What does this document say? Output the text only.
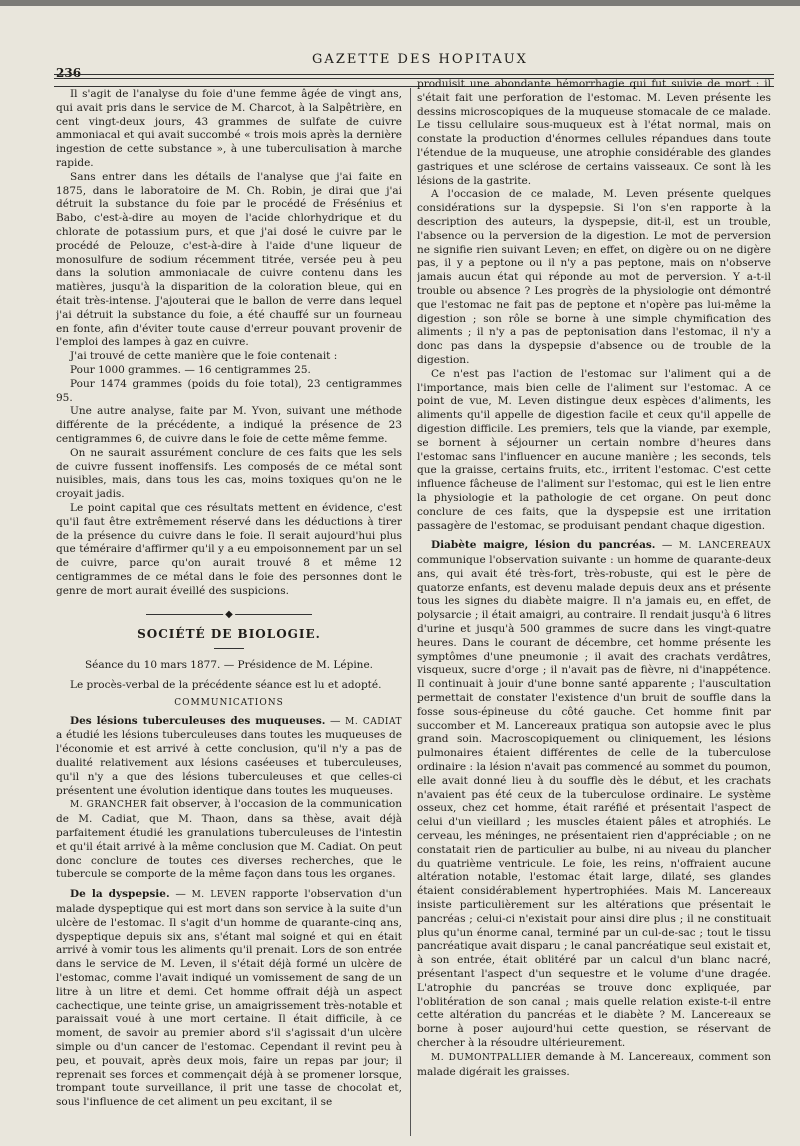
236
GAZETTE DES HOPITAUX

Il s'agit de l'analyse du foie d'une femme âgée de vingt ans, qui avait pris dans le service de M. Charcot, à la Salpêtrière, en cent vingt-deux jours, 43 grammes de sulfate de cuivre ammoniacal et qui avait succombé « trois mois après la dernière ingestion de cette substance », à une tuberculisation à marche rapide.

Sans entrer dans les détails de l'analyse que j'ai faite en 1875, dans le laboratoire de M. Ch. Robin, je dirai que j'ai détruit la substance du foie par le procédé de Frésénius et Babo, c'est-à-dire au moyen de l'acide chlorhydrique et du chlorate de potassium purs, et que j'ai dosé le cuivre par le procédé de Pelouze, c'est-à-dire à l'aide d'une liqueur de monosulfure de sodium récemment titrée, versée peu à peu dans la solution ammoniacale de cuivre contenu dans les matières, jusqu'à la disparition de la coloration bleue, qui en était très-intense. J'ajouterai que le ballon de verre dans lequel j'ai détruit la substance du foie, a été chauffé sur un fourneau en fonte, afin d'éviter toute cause d'erreur pouvant provenir de l'emploi des lampes à gaz en cuivre.

J'ai trouvé de cette manière que le foie contenait :

Pour 1000 grammes. — 16 centigrammes 25.

Pour 1474 grammes (poids du foie total), 23 centigrammes 95.

Une autre analyse, faite par M. Yvon, suivant une méthode différente de la précédente, a indiqué la présence de 23 centigrammes 6, de cuivre dans le foie de cette même femme.

On ne saurait assurément conclure de ces faits que les sels de cuivre fussent inoffensifs. Les composés de ce métal sont nuisibles, mais, dans tous les cas, moins toxiques qu'on ne le croyait jadis.

Le point capital que ces résultats mettent en évidence, c'est qu'il faut être extrêmement réservé dans les déductions à tirer de la présence du cuivre dans le foie. Il serait aujourd'hui plus que téméraire d'affirmer qu'il y a eu empoisonnement par un sel de cuivre, parce qu'on aurait trouvé 8 et même 12 centigrammes de ce métal dans le foie des personnes dont le genre de mort aurait éveillé des suspicions.

◆
SOCIÉTÉ DE BIOLOGIE.

Séance du 10 mars 1877. — Présidence de M. Lépine.

Le procès-verbal de la précédente séance est lu et adopté.

COMMUNICATIONS

Des lésions tuberculeuses des muqueuses. — M. CADIAT a étudié les lésions tuberculeuses dans toutes les muqueuses de l'économie et est arrivé à cette conclusion, qu'il n'y a pas de dualité relativement aux lésions caséeuses et tuberculeuses, qu'il n'y a que des lésions tuberculeuses et que celles-ci présentent une évolution identique dans toutes les muqueuses.

M. GRANCHER fait observer, à l'occasion de la communication de M. Cadiat, que M. Thaon, dans sa thèse, avait déjà parfaitement étudié les granulations tuberculeuses de l'intestin et qu'il était arrivé à la même conclusion que M. Cadiat. On peut donc conclure de toutes ces diverses recherches, que le tubercule se comporte de la même façon dans tous les organes.

De la dyspepsie. — M. LEVEN rapporte l'observation d'un malade dyspeptique qui est mort dans son service à la suite d'un ulcère de l'estomac. Il s'agit d'un homme de quarante-cinq ans, dyspeptique depuis six ans, s'étant mal soigné et qui en était arrivé à vomir tous les aliments qu'il prenait. Lors de son entrée dans le service de M. Leven, il s'était déjà formé un ulcère de l'estomac, comme l'avait indiqué un vomissement de sang de un litre à un litre et demi. Cet homme offrait déjà un aspect cachectique, une teinte grise, un amaigrissement très-notable et paraissait voué à une mort certaine. Il était difficile, à ce moment, de savoir au premier abord s'il s'agissait d'un ulcère simple ou d'un cancer de l'estomac. Cependant il revint peu à peu, et pouvait, après deux mois, faire un repas par jour; il reprenait ses forces et commençait déjà à se promener lorsque, trompant toute surveillance, il prit une tasse de chocolat et, sous l'influence de cet aliment un peu excitant, il se

produisit une abondante hémorrhagie qui fut suivie de mort : il s'était fait une perforation de l'estomac. M. Leven présente les dessins microscopiques de la muqueuse stomacale de ce malade. Le tissu cellulaire sous-muqueux est à l'état normal, mais on constate la production d'énormes cellules répandues dans toute l'étendue de la muqueuse, une atrophie considérable des glandes gastriques et une sclérose de certains vaisseaux. Ce sont là les lésions de la gastrite.

A l'occasion de ce malade, M. Leven présente quelques considérations sur la dyspepsie. Si l'on s'en rapporte à la description des auteurs, la dyspepsie, dit-il, est un trouble, l'absence ou la perversion de la digestion. Le mot de perversion ne signifie rien suivant Leven; en effet, on digère ou on ne digère pas, il y a peptone ou il n'y a pas peptone, mais on n'observe jamais aucun état qui réponde au mot de perversion. Y a-t-il trouble ou absence ? Les progrès de la physiologie ont démontré que l'estomac ne fait pas de peptone et n'opère pas lui-même la digestion ; son rôle se borne à une simple chymification des aliments ; il n'y a pas de peptonisation dans l'estomac, il n'y a donc pas dans la dyspepsie d'absence ou de trouble de la digestion.

Ce n'est pas l'action de l'estomac sur l'aliment qui a de l'importance, mais bien celle de l'aliment sur l'estomac. A ce point de vue, M. Leven distingue deux espèces d'aliments, les aliments qu'il appelle de digestion facile et ceux qu'il appelle de digestion difficile. Les premiers, tels que la viande, par exemple, se bornent à séjourner un certain nombre d'heures dans l'estomac sans l'influencer en aucune manière ; les seconds, tels que la graisse, certains fruits, etc., irritent l'estomac. C'est cette influence fâcheuse de l'aliment sur l'estomac, qui est le lien entre la physiologie et la pathologie de cet organe. On peut donc conclure de ces faits, que la dyspepsie est une irritation passagère de l'estomac, se produisant pendant chaque digestion.

Diabète maigre, lésion du pancréas. — M. LANCEREAUX communique l'observation suivante : un homme de quarante-deux ans, qui avait été très-fort, très-robuste, qui est le père de quatorze enfants, est devenu malade depuis deux ans et présente tous les signes du diabète maigre. Il n'a jamais eu, en effet, de polysarcie ; il était amaigri, au contraire. Il rendait jusqu'à 6 litres d'urine et jusqu'à 500 grammes de sucre dans les vingt-quatre heures. Dans le courant de décembre, cet homme présente les symptômes d'une pneumonie ; il avait des crachats verdâtres, visqueux, sucre d'orge ; il n'avait pas de fièvre, ni d'inappétence. Il continuait à jouir d'une bonne santé apparente ; l'auscultation permettait de constater l'existence d'un bruit de souffle dans la fosse sous-épineuse du côté gauche. Cet homme finit par succomber et M. Lancereaux pratiqua son autopsie avec le plus grand soin. Macroscopiquement ou cliniquement, les lésions pulmonaires étaient différentes de celle de la tuberculose ordinaire : la lésion n'avait pas commencé au sommet du poumon, elle avait donné lieu à du souffle dès le début, et les crachats n'avaient pas été ceux de la tuberculose ordinaire. Le système osseux, chez cet homme, était raréfié et présentait l'aspect de celui d'un vieillard ; les muscles étaient pâles et atrophiés. Le cerveau, les méninges, ne présentaient rien d'appréciable ; on ne constatait rien de particulier au bulbe, ni au niveau du plancher du quatrième ventricule. Le foie, les reins, n'offraient aucune altération notable, l'estomac était large, dilaté, ses glandes étaient considérablement hypertrophiées. Mais M. Lancereaux insiste particulièrement sur les altérations que présentait le pancréas ; celui-ci n'existait pour ainsi dire plus ; il ne constituait plus qu'un énorme canal, terminé par un cul-de-sac ; tout le tissu pancréatique avait disparu ; le canal pancréatique seul existait et, à son entrée, était oblitéré par un calcul d'un blanc nacré, présentant l'aspect d'un sequestre et le volume d'une dragée. L'atrophie du pancréas se trouve donc expliquée, par l'oblitération de son canal ; mais quelle relation existe-t-il entre cette altération du pancréas et le diabète ? M. Lancereaux se borne à poser aujourd'hui cette question, se réservant de chercher à la résoudre ultérieurement.

M. DUMONTPALLIER demande à M. Lancereaux, comment son malade digérait les graisses.
